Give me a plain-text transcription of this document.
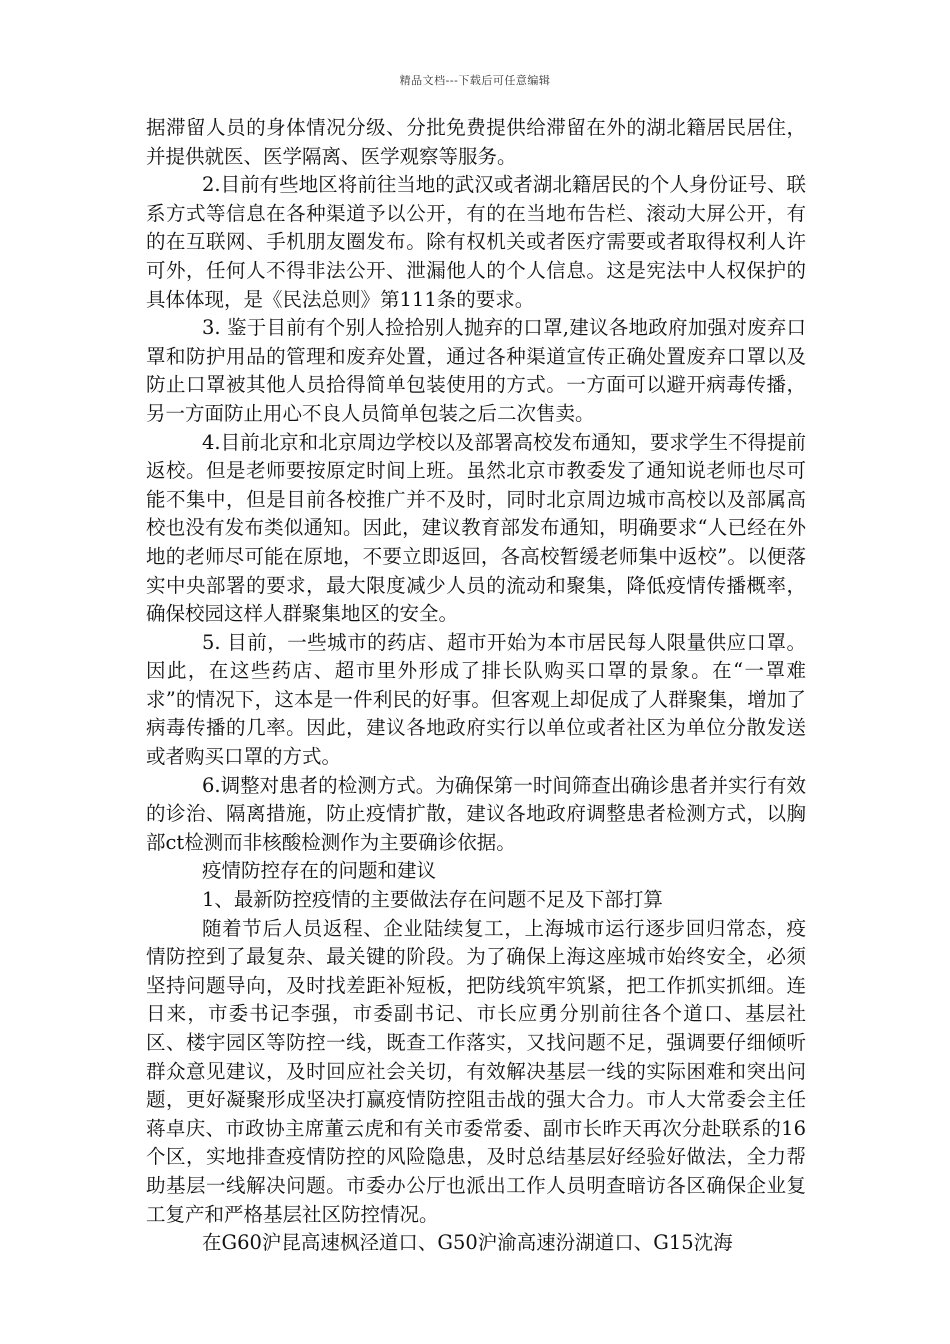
精品文档---下载后可任意编辑

据滞留人员的身体情况分级、分批免费提供给滞留在外的湖北籍居民居住，并提供就医、医学隔离、医学观察等服务。

2.目前有些地区将前往当地的武汉或者湖北籍居民的个人身份证号、联系方式等信息在各种渠道予以公开，有的在当地布告栏、滚动大屏公开，有的在互联网、手机朋友圈发布。除有权机关或者医疗需要或者取得权利人许可外，任何人不得非法公开、泄漏他人的个人信息。这是宪法中人权保护的具体体现，是《民法总则》第111条的要求。

3. 鉴于目前有个别人捡拾别人抛弃的口罩,建议各地政府加强对废弃口罩和防护用品的管理和废弃处置，通过各种渠道宣传正确处置废弃口罩以及防止口罩被其他人员拾得简单包装使用的方式。一方面可以避开病毒传播，另一方面防止用心不良人员简单包装之后二次售卖。

4.目前北京和北京周边学校以及部署高校发布通知，要求学生不得提前返校。但是老师要按原定时间上班。虽然北京市教委发了通知说老师也尽可能不集中，但是目前各校推广并不及时，同时北京周边城市高校以及部属高校也没有发布类似通知。因此，建议教育部发布通知，明确要求“人已经在外地的老师尽可能在原地，不要立即返回，各高校暂缓老师集中返校”。以便落实中央部署的要求，最大限度减少人员的流动和聚集，降低疫情传播概率，确保校园这样人群聚集地区的安全。

5. 目前，一些城市的药店、超市开始为本市居民每人限量供应口罩。因此，在这些药店、超市里外形成了排长队购买口罩的景象。在“一罩难求”的情况下，这本是一件利民的好事。但客观上却促成了人群聚集，增加了病毒传播的几率。因此，建议各地政府实行以单位或者社区为单位分散发送或者购买口罩的方式。

6.调整对患者的检测方式。为确保第一时间筛查出确诊患者并实行有效的诊治、隔离措施，防止疫情扩散，建议各地政府调整患者检测方式，以胸部ct检测而非核酸检测作为主要确诊依据。

疫情防控存在的问题和建议

1、最新防控疫情的主要做法存在问题不足及下部打算

随着节后人员返程、企业陆续复工，上海城市运行逐步回归常态，疫情防控到了最复杂、最关键的阶段。为了确保上海这座城市始终安全，必须坚持问题导向，及时找差距补短板，把防线筑牢筑紧，把工作抓实抓细。连日来，市委书记李强，市委副书记、市长应勇分别前往各个道口、基层社区、楼宇园区等防控一线，既查工作落实，又找问题不足，强调要仔细倾听群众意见建议，及时回应社会关切，有效解决基层一线的实际困难和突出问题，更好凝聚形成坚决打赢疫情防控阻击战的强大合力。市人大常委会主任蒋卓庆、市政协主席董云虎和有关市委常委、副市长昨天再次分赴联系的16个区，实地排查疫情防控的风险隐患，及时总结基层好经验好做法，全力帮助基层一线解决问题。市委办公厅也派出工作人员明查暗访各区确保企业复工复产和严格基层社区防控情况。

在G60沪昆高速枫泾道口、G50沪渝高速汾湖道口、G15沈海
